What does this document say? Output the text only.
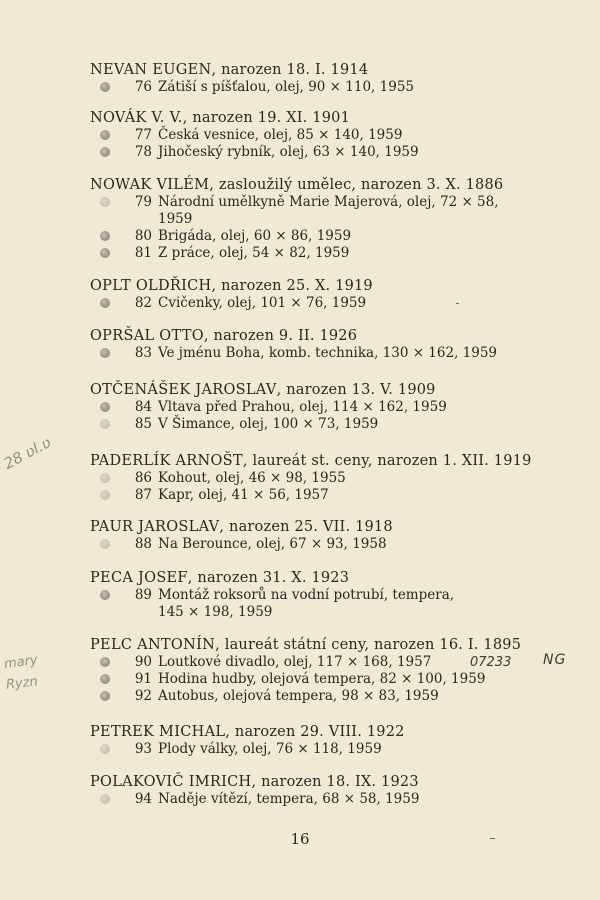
NEVAN EUGEN, narozen 18. I. 1914
76 Zátiší s píšťalou, olej, 90 × 110, 1955
NOVÁK V. V., narozen 19. XI. 1901
77 Česká vesnice, olej, 85 × 140, 1959
78 Jihočeský rybník, olej, 63 × 140, 1959
NOWAK VILÉM, zasloužilý umělec, narozen 3. X. 1886
79 Národní umělkyně Marie Majerová, olej, 72 × 58,
1959
80 Brigáda, olej, 60 × 86, 1959
81 Z práce, olej, 54 × 82, 1959
OPLT OLDŘICH, narozen 25. X. 1919
82 Cvičenky, olej, 101 × 76, 1959
OPRŠAL OTTO, narozen 9. II. 1926
83 Ve jménu Boha, komb. technika, 130 × 162, 1959
OTČENÁŠEK JAROSLAV, narozen 13. V. 1909
84 Vltava před Prahou, olej, 114 × 162, 1959
85 V Šimance, olej, 100 × 73, 1959
PADERLÍK ARNOŠT, laureát st. ceny, narozen 1. XII. 1919
86 Kohout, olej, 46 × 98, 1955
87 Kapr, olej, 41 × 56, 1957
PAUR JAROSLAV, narozen 25. VII. 1918
88 Na Berounce, olej, 67 × 93, 1958
PECA JOSEF, narozen 31. X. 1923
89 Montáž roksorů na vodní potrubí, tempera,
145 × 198, 1959
PELC ANTONÍN, laureát státní ceny, narozen 16. I. 1895
90 Loutkové divadlo, olej, 117 × 168, 1957
91 Hodina hudby, olejová tempera, 82 × 100, 1959
92 Autobus, olejová tempera, 98 × 83, 1959
PETREK MICHAL, narozen 29. VIII. 1922
93 Plody války, olej, 76 × 118, 1959
POLAKOVIČ IMRICH, narozen 18. IX. 1923
94 Naděje vítězí, tempera, 68 × 58, 1959
28 ʋl.ʋ
mary
Ryzn
07233 NG
16
